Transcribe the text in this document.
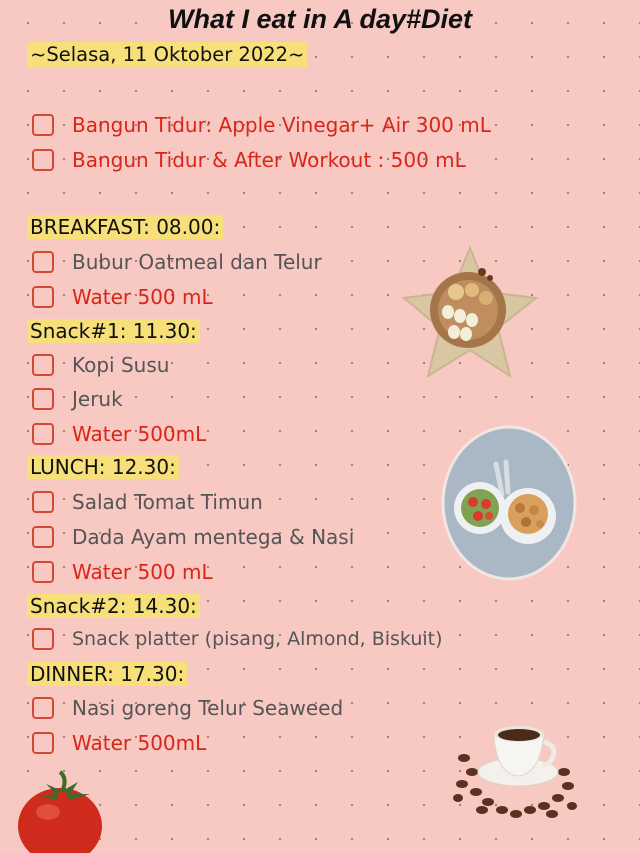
What I eat in A day#Diet
~Selasa, 11 Oktober 2022~
Bangun Tidur: Apple Vinegar+ Air 300 mL
Bangun Tidur & After Workout : 500 mL
BREAKFAST: 08.00:
Bubur Oatmeal dan Telur
Water 500 mL
Snack#1: 11.30:
Kopi Susu
Jeruk
Water 500mL
LUNCH: 12.30:
Salad Tomat Timun
Dada Ayam mentega & Nasi
Water 500 mL
Snack#2: 14.30:
Snack platter (pisang, Almond, Biskuit)
DINNER: 17.30:
Nasi goreng Telur Seaweed
Water 500mL
